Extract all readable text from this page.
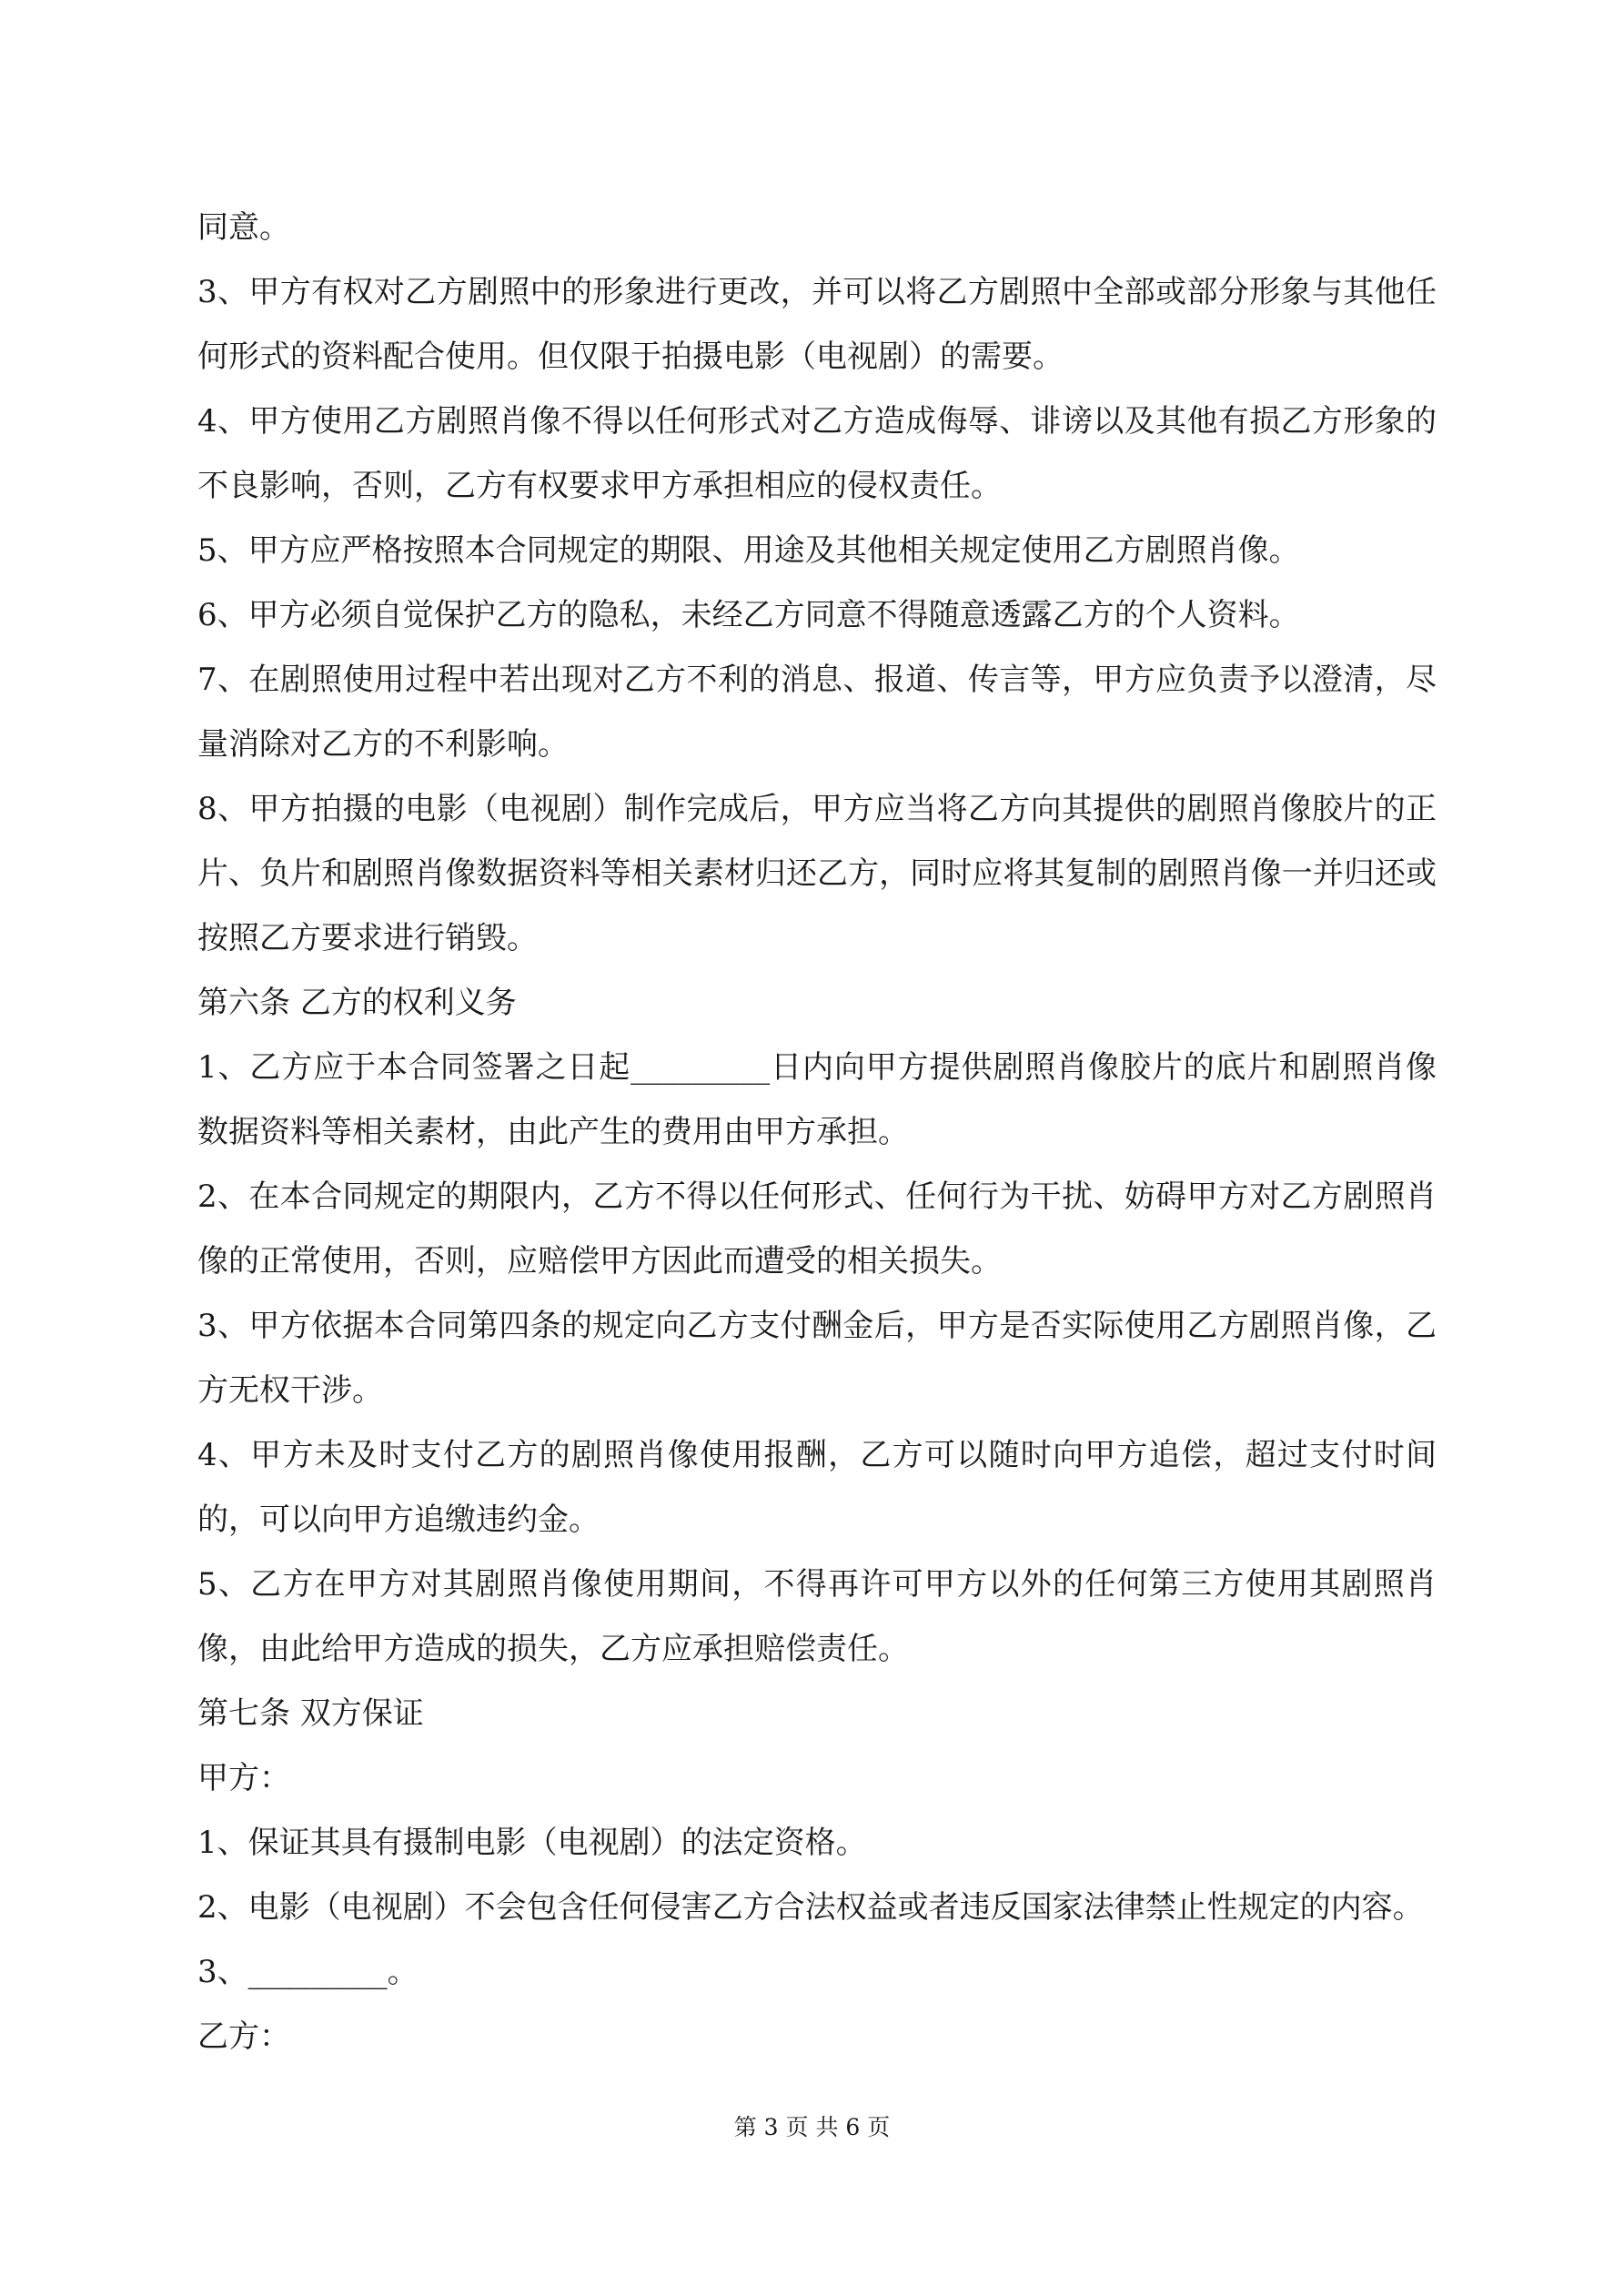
同意。

3、甲方有权对乙方剧照中的形象进行更改，并可以将乙方剧照中全部或部分形象与其他任何形式的资料配合使用。但仅限于拍摄电影（电视剧）的需要。

4、甲方使用乙方剧照肖像不得以任何形式对乙方造成侮辱、诽谤以及其他有损乙方形象的不良影响，否则，乙方有权要求甲方承担相应的侵权责任。

5、甲方应严格按照本合同规定的期限、用途及其他相关规定使用乙方剧照肖像。

6、甲方必须自觉保护乙方的隐私，未经乙方同意不得随意透露乙方的个人资料。

7、在剧照使用过程中若出现对乙方不利的消息、报道、传言等，甲方应负责予以澄清，尽量消除对乙方的不利影响。

8、甲方拍摄的电影（电视剧）制作完成后，甲方应当将乙方向其提供的剧照肖像胶片的正片、负片和剧照肖像数据资料等相关素材归还乙方，同时应将其复制的剧照肖像一并归还或按照乙方要求进行销毁。

第六条 乙方的权利义务

1、乙方应于本合同签署之日起_________日内向甲方提供剧照肖像胶片的底片和剧照肖像数据资料等相关素材，由此产生的费用由甲方承担。

2、在本合同规定的期限内，乙方不得以任何形式、任何行为干扰、妨碍甲方对乙方剧照肖像的正常使用，否则，应赔偿甲方因此而遭受的相关损失。

3、甲方依据本合同第四条的规定向乙方支付酬金后，甲方是否实际使用乙方剧照肖像，乙方无权干涉。

4、甲方未及时支付乙方的剧照肖像使用报酬，乙方可以随时向甲方追偿，超过支付时间的，可以向甲方追缴违约金。

5、乙方在甲方对其剧照肖像使用期间，不得再许可甲方以外的任何第三方使用其剧照肖像，由此给甲方造成的损失，乙方应承担赔偿责任。

第七条 双方保证

甲方：

1、保证其具有摄制电影（电视剧）的法定资格。

2、电影（电视剧）不会包含任何侵害乙方合法权益或者违反国家法律禁止性规定的内容。

3、_________。

乙方：

第 3 页 共 6 页
